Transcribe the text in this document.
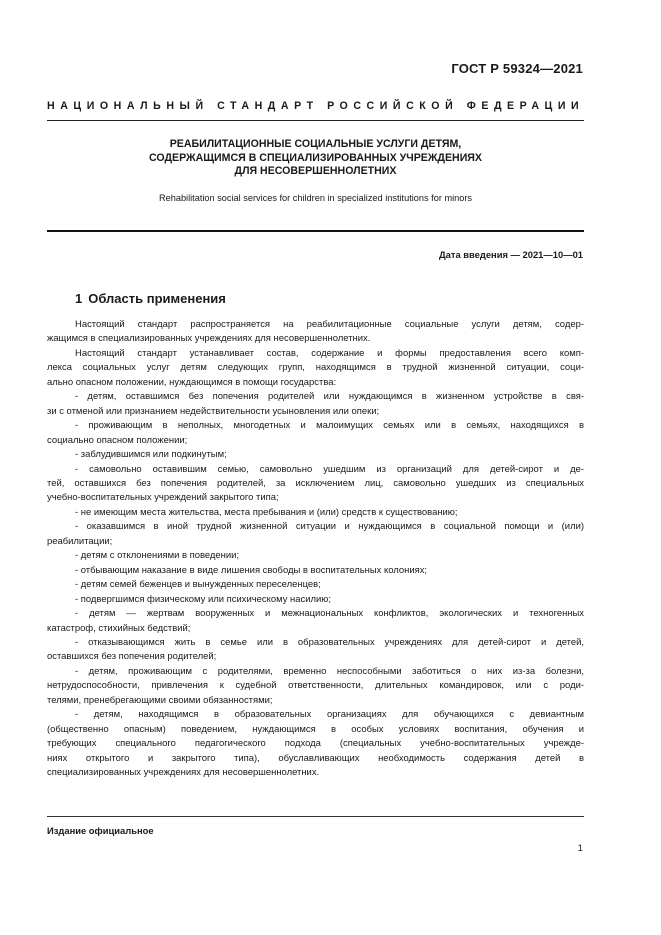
ГОСТ Р 59324—2021
НАЦИОНАЛЬНЫЙ СТАНДАРТ РОССИЙСКОЙ ФЕДЕРАЦИИ
РЕАБИЛИТАЦИОННЫЕ СОЦИАЛЬНЫЕ УСЛУГИ ДЕТЯМ,
СОДЕРЖАЩИМСЯ В СПЕЦИАЛИЗИРОВАННЫХ УЧРЕЖДЕНИЯХ
ДЛЯ НЕСОВЕРШЕННОЛЕТНИХ
Rehabilitation social services for children in specialized institutions for minors
Дата введения — 2021—10—01
1 Область применения
Настоящий стандарт распространяется на реабилитационные социальные услуги детям, содер-
жащимся в специализированных учреждениях для несовершеннолетних.
Настоящий стандарт устанавливает состав, содержание и формы предоставления всего комп-
лекса социальных услуг детям следующих групп, находящимся в трудной жизненной ситуации, соци-
ально опасном положении, нуждающимся в помощи государства:
- детям, оставшимся без попечения родителей или нуждающимся в жизненном устройстве в свя-
зи с отменой или признанием недействительности усыновления или опеки;
- проживающим в неполных, многодетных и малоимущих семьях или в семьях, находящихся в
социально опасном положении;
- заблудившимся или подкинутым;
- самовольно оставившим семью, самовольно ушедшим из организаций для детей-сирот и де-
тей, оставшихся без попечения родителей, за исключением лиц, самовольно ушедших из специальных
учебно-воспитательных учреждений закрытого типа;
- не имеющим места жительства, места пребывания и (или) средств к существованию;
- оказавшимся в иной трудной жизненной ситуации и нуждающимся в социальной помощи и (или)
реабилитации;
- детям с отклонениями в поведении;
- отбывающим наказание в виде лишения свободы в воспитательных колониях;
- детям семей беженцев и вынужденных переселенцев;
- подвергшимся физическому или психическому насилию;
- детям — жертвам вооруженных и межнациональных конфликтов, экологических и техногенных
катастроф, стихийных бедствий;
- отказывающимся жить в семье или в образовательных учреждениях для детей-сирот и детей,
оставшихся без попечения родителей;
- детям, проживающим с родителями, временно неспособными заботиться о них из-за болезни,
нетрудоспособности, привлечения к судебной ответственности, длительных командировок, или с роди-
телями, пренебрегающими своими обязанностями;
- детям, находящимся в образовательных организациях для обучающихся с девиантным
(общественно опасным) поведением, нуждающимся в особых условиях воспитания, обучения и
требующих специального педагогического подхода (специальных учебно-воспитательных учрежде-
ниях открытого и закрытого типа), обуславливающих необходимость содержания детей в
специализированных учреждениях для несовершеннолетних.
Издание официальное
1
